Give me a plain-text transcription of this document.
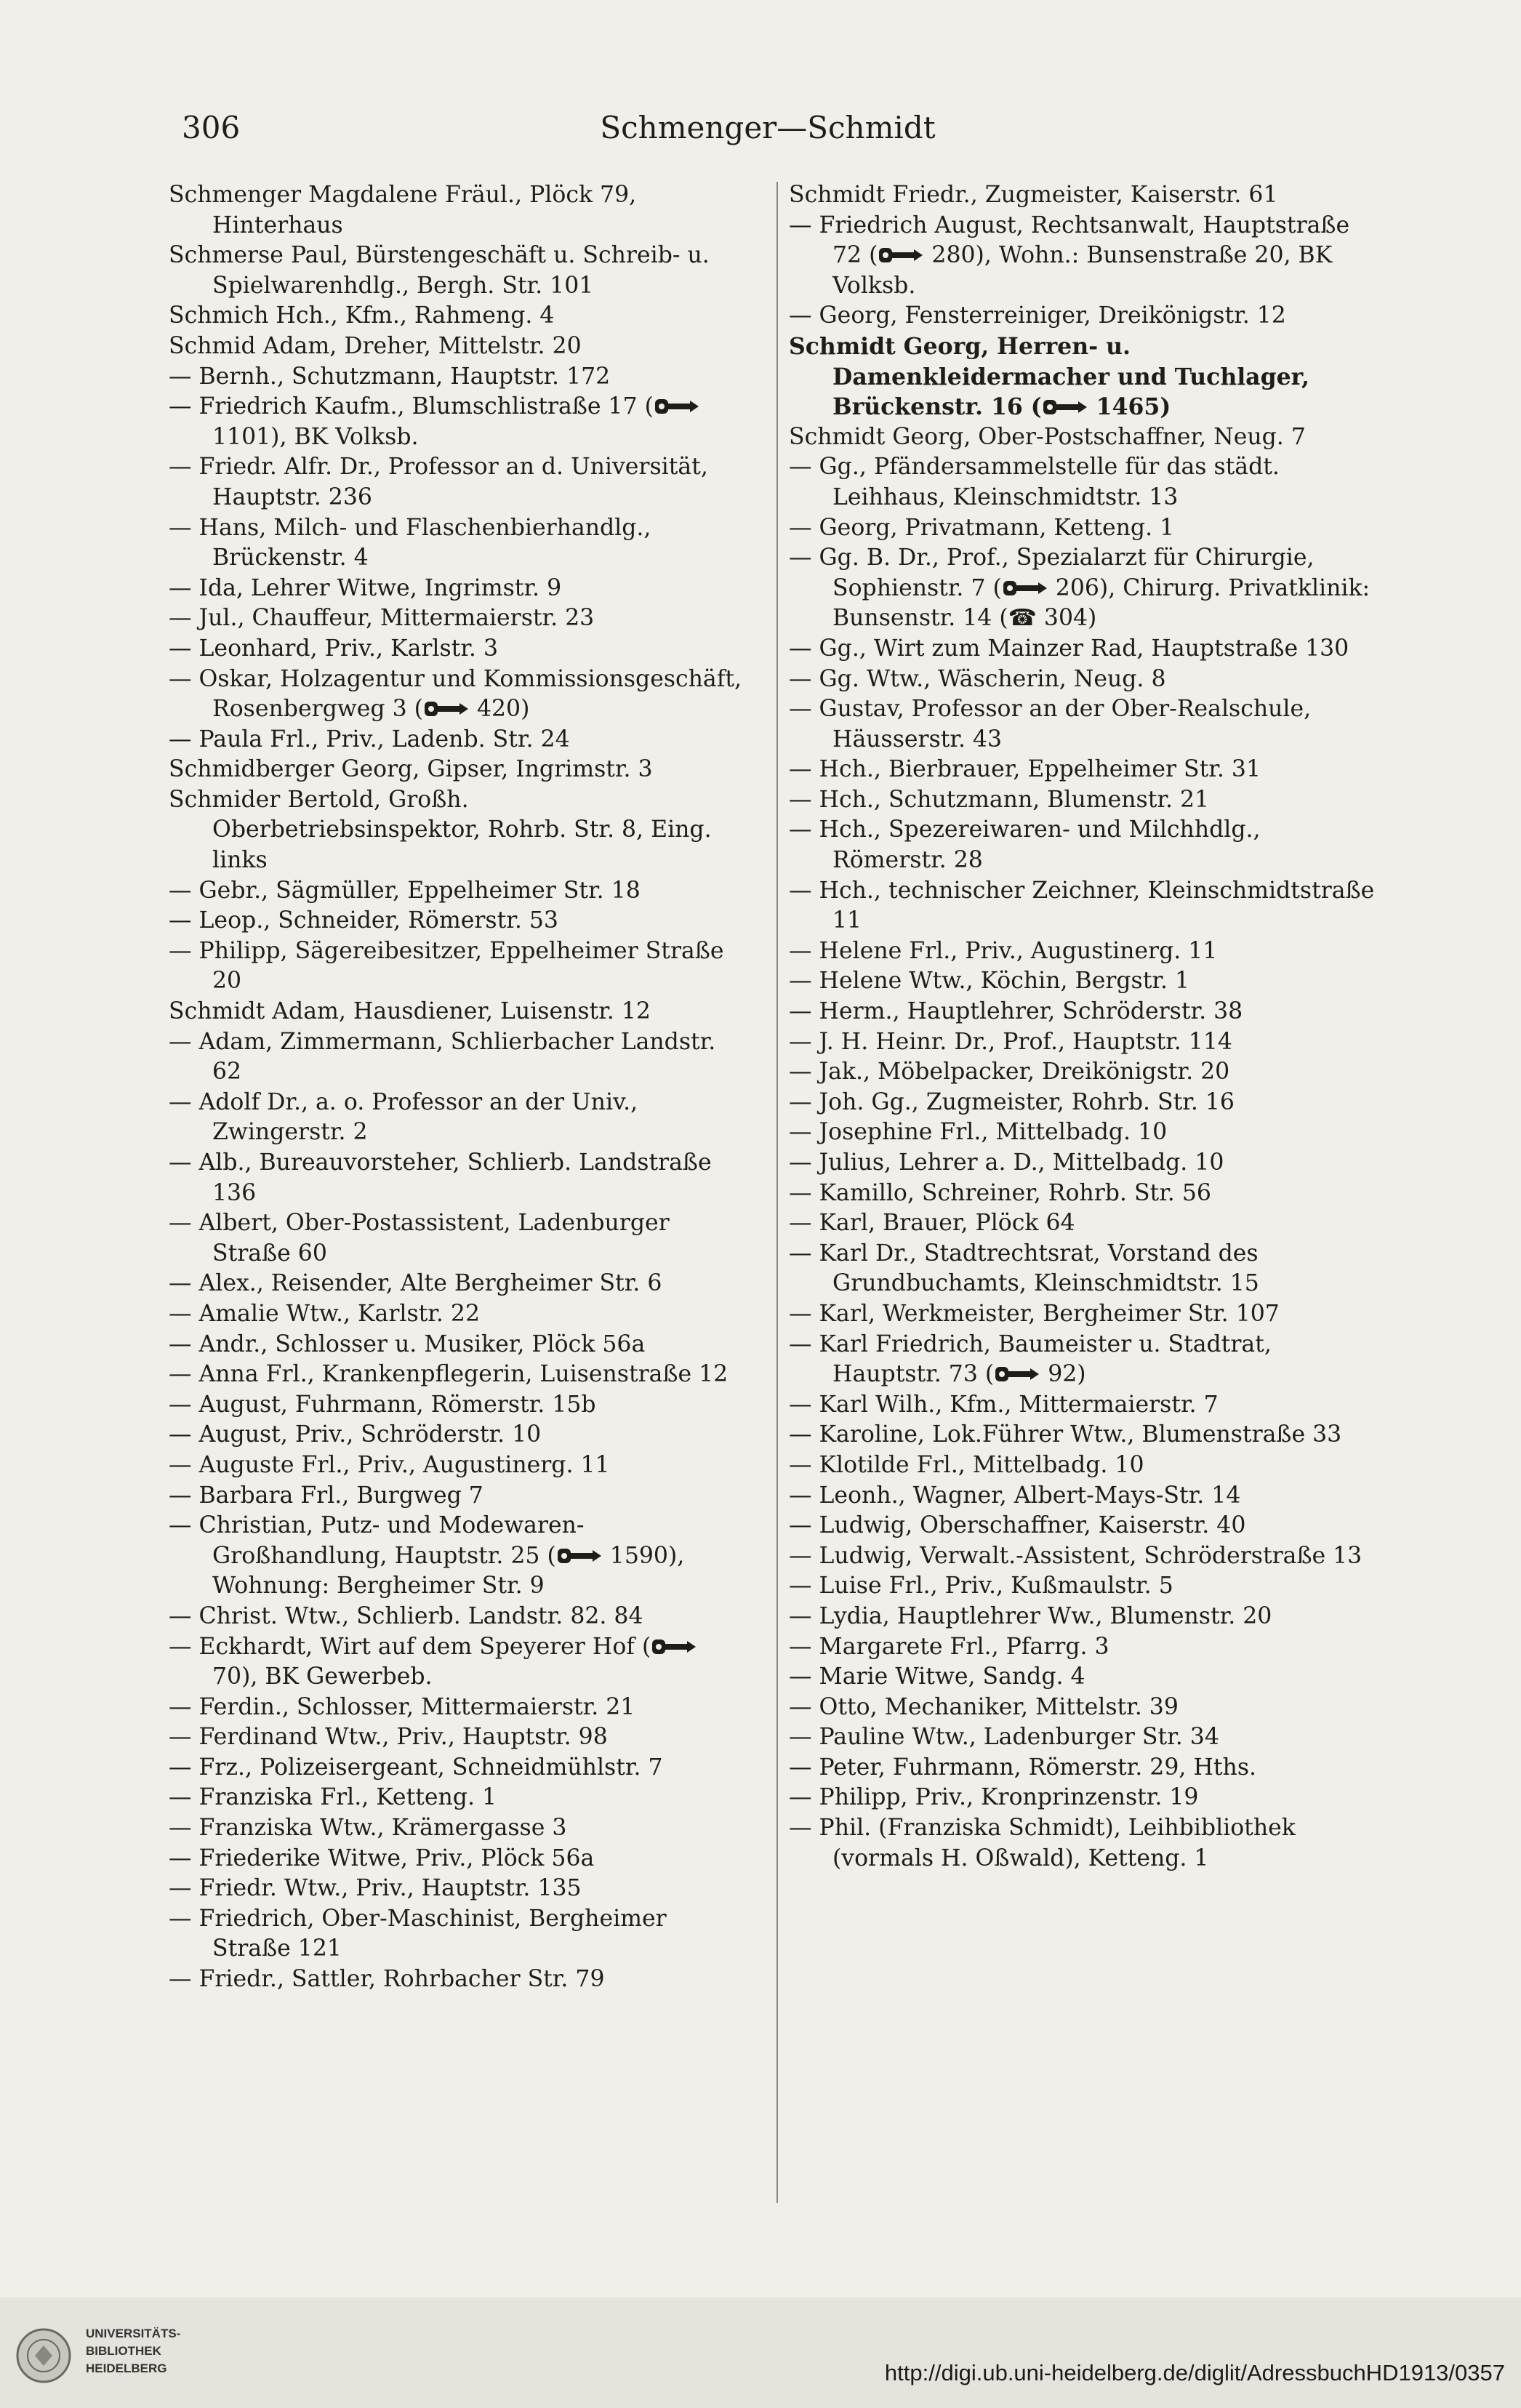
306	Schmenger—Schmidt

Schmenger Magdalene Fräul., Plöck 79, Hinterhaus

Schmerse Paul, Bürstengeschäft u. Schreib- u. Spielwarenhdlg., Bergh. Str. 101

Schmich Hch., Kfm., Rahmeng. 4

Schmid Adam, Dreher, Mittelstr. 20

— Bernh., Schutzmann, Hauptstr. 172

— Friedrich Kaufm., Blumschlistraße 17 (
1101), BK Volksb.

— Friedr. Alfr. Dr., Professor an d. Universität, Hauptstr. 236

— Hans, Milch- und Flaschenbierhandlg., Brückenstr. 4

— Ida, Lehrer Witwe, Ingrimstr. 9

— Jul., Chauffeur, Mittermaierstr. 23

— Leonhard, Priv., Karlstr. 3

— Oskar, Holzagentur und Kommissionsgeschäft, Rosenbergweg 3 (
420)

— Paula Frl., Priv., Ladenb. Str. 24

Schmidberger Georg, Gipser, Ingrimstr. 3

Schmider Bertold, Großh. Oberbetriebsinspektor, Rohrb. Str. 8, Eing. links

— Gebr., Sägmüller, Eppelheimer Str. 18

— Leop., Schneider, Römerstr. 53

— Philipp, Sägereibesitzer, Eppelheimer Straße 20

Schmidt Adam, Hausdiener, Luisenstr. 12

— Adam, Zimmermann, Schlierbacher Landstr. 62

— Adolf Dr., a. o. Professor an der Univ., Zwingerstr. 2

— Alb., Bureauvorsteher, Schlierb. Landstraße 136

— Albert, Ober-Postassistent, Ladenburger Straße 60

— Alex., Reisender, Alte Bergheimer Str. 6

— Amalie Wtw., Karlstr. 22

— Andr., Schlosser u. Musiker, Plöck 56a

— Anna Frl., Krankenpflegerin, Luisenstraße 12

— August, Fuhrmann, Römerstr. 15b

— August, Priv., Schröderstr. 10

— Auguste Frl., Priv., Augustinerg. 11

— Barbara Frl., Burgweg 7

— Christian, Putz- und Modewaren-Großhandlung, Hauptstr. 25 (
1590), Wohnung: Bergheimer Str. 9

— Christ. Wtw., Schlierb. Landstr. 82. 84

— Eckhardt, Wirt auf dem Speyerer Hof (
70), BK Gewerbeb.

— Ferdin., Schlosser, Mittermaierstr. 21

— Ferdinand Wtw., Priv., Hauptstr. 98

— Frz., Polizeisergeant, Schneidmühlstr. 7

— Franziska Frl., Ketteng. 1

— Franziska Wtw., Krämergasse 3

— Friederike Witwe, Priv., Plöck 56a

— Friedr. Wtw., Priv., Hauptstr. 135

— Friedrich, Ober-Maschinist, Bergheimer Straße 121

— Friedr., Sattler, Rohrbacher Str. 79

Schmidt Friedr., Zugmeister, Kaiserstr. 61

— Friedrich August, Rechtsanwalt, Hauptstraße 72 (
280), Wohn.: Bunsenstraße 20, BK Volksb.

— Georg, Fensterreiniger, Dreikönigstr. 12

Schmidt Georg, Herren- u. Damenkleidermacher und Tuchlager, Brückenstr. 16 (
1465)

Schmidt Georg, Ober-Postschaffner, Neug. 7

— Gg., Pfändersammelstelle für das städt. Leihhaus, Kleinschmidtstr. 13

— Georg, Privatmann, Ketteng. 1

— Gg. B. Dr., Prof., Spezialarzt für Chirurgie, Sophienstr. 7 (
206), Chirurg. Privatklinik: Bunsenstr. 14 (☎ 304)

— Gg., Wirt zum Mainzer Rad, Hauptstraße 130

— Gg. Wtw., Wäscherin, Neug. 8

— Gustav, Professor an der Ober-Realschule, Häusserstr. 43

— Hch., Bierbrauer, Eppelheimer Str. 31

— Hch., Schutzmann, Blumenstr. 21

— Hch., Spezereiwaren- und Milchhdlg., Römerstr. 28

— Hch., technischer Zeichner, Kleinschmidtstraße 11

— Helene Frl., Priv., Augustinerg. 11

— Helene Wtw., Köchin, Bergstr. 1

— Herm., Hauptlehrer, Schröderstr. 38

— J. H. Heinr. Dr., Prof., Hauptstr. 114

— Jak., Möbelpacker, Dreikönigstr. 20

— Joh. Gg., Zugmeister, Rohrb. Str. 16

— Josephine Frl., Mittelbadg. 10

— Julius, Lehrer a. D., Mittelbadg. 10

— Kamillo, Schreiner, Rohrb. Str. 56

— Karl, Brauer, Plöck 64

— Karl Dr., Stadtrechtsrat, Vorstand des Grundbuchamts, Kleinschmidtstr. 15

— Karl, Werkmeister, Bergheimer Str. 107

— Karl Friedrich, Baumeister u. Stadtrat, Hauptstr. 73 (
92)

— Karl Wilh., Kfm., Mittermaierstr. 7

— Karoline, Lok.Führer Wtw., Blumenstraße 33

— Klotilde Frl., Mittelbadg. 10

— Leonh., Wagner, Albert-Mays-Str. 14

— Ludwig, Oberschaffner, Kaiserstr. 40

— Ludwig, Verwalt.-Assistent, Schröderstraße 13

— Luise Frl., Priv., Kußmaulstr. 5

— Lydia, Hauptlehrer Ww., Blumenstr. 20

— Margarete Frl., Pfarrg. 3

— Marie Witwe, Sandg. 4

— Otto, Mechaniker, Mittelstr. 39

— Pauline Wtw., Ladenburger Str. 34

— Peter, Fuhrmann, Römerstr. 29, Hths.

— Philipp, Priv., Kronprinzenstr. 19

— Phil. (Franziska Schmidt), Leihbibliothek (vormals H. Oßwald), Ketteng. 1

UNIVERSITÄTS-
BIBLIOTHEK
HEIDELBERG	http://digi.ub.uni-heidelberg.de/diglit/AdressbuchHD1913/0357
